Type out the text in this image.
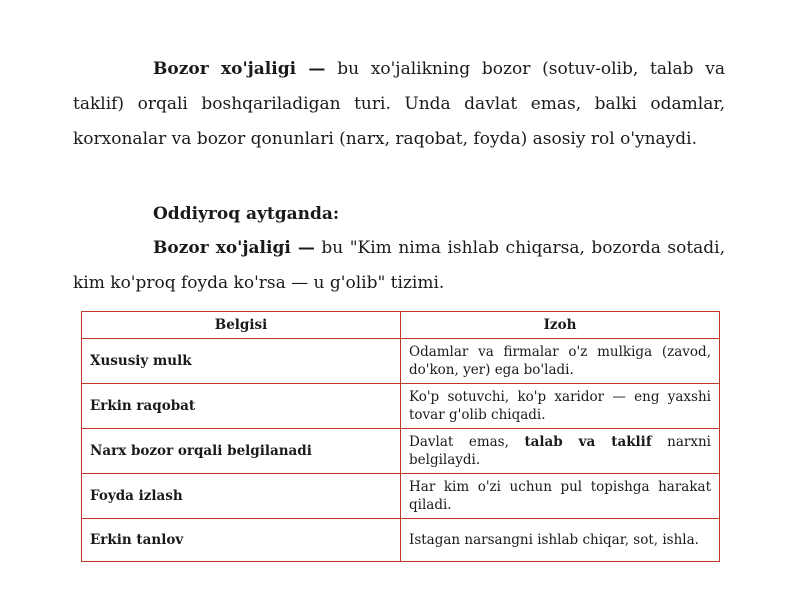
Bozor xo'jaligi — bu xo'jalikning bozor (sotuv-olib, talab va taklif) orqali boshqariladigan turi. Unda davlat emas, balki odamlar, korxonalar va bozor qonunlari (narx, raqobat, foyda) asosiy rol o'ynaydi.

Oddiyroq aytganda:

Bozor xo'jaligi — bu "Kim nima ishlab chiqarsa, bozorda sotadi, kim ko'proq foyda ko'rsa — u g'olib" tizimi.

Belgisi	Izoh
Xususiy mulk	Odamlar va firmalar o'z mulkiga (zavod, do'kon, yer) ega bo'ladi.
Erkin raqobat	Ko'p sotuvchi, ko'p xaridor — eng yaxshi tovar g'olib chiqadi.
Narx bozor orqali belgilanadi	Davlat emas, talab va taklif narxni belgilaydi.
Foyda izlash	Har kim o'zi uchun pul topishga harakat qiladi.
Erkin tanlov	Istagan narsangni ishlab chiqar, sot, ishla.
